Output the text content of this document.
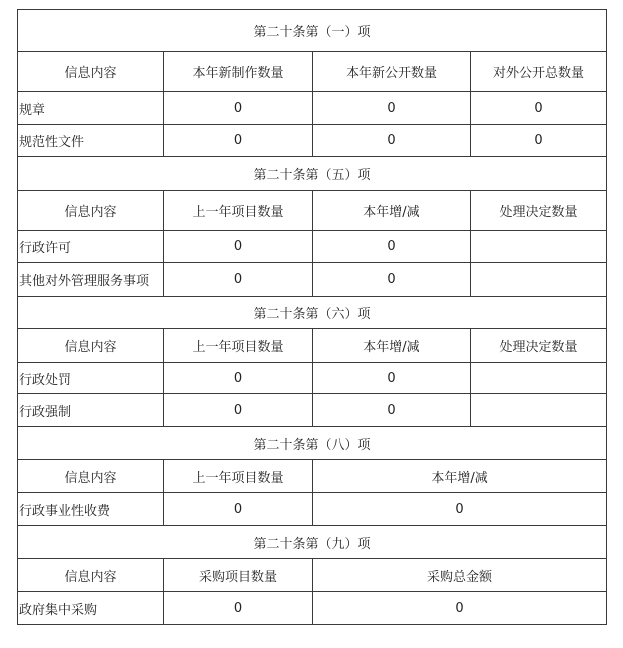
第二十条第（一）项			
信息内容	本年新制作数量	本年新公开数量	对外公开总数量
规章	0	0	0
规范性文件	0	0	0
第二十条第（五）项			
信息内容	上一年项目数量	本年增/减	处理决定数量
行政许可	0	0	
其他对外管理服务事项	0	0	
第二十条第（六）项			
信息内容	上一年项目数量	本年增/减	处理决定数量
行政处罚	0	0	
行政强制	0	0	
第二十条第（八）项			
信息内容	上一年项目数量	本年增/减	
行政事业性收费	0	0	
第二十条第（九）项			
信息内容	采购项目数量	采购总金额	
政府集中采购	0	0	
